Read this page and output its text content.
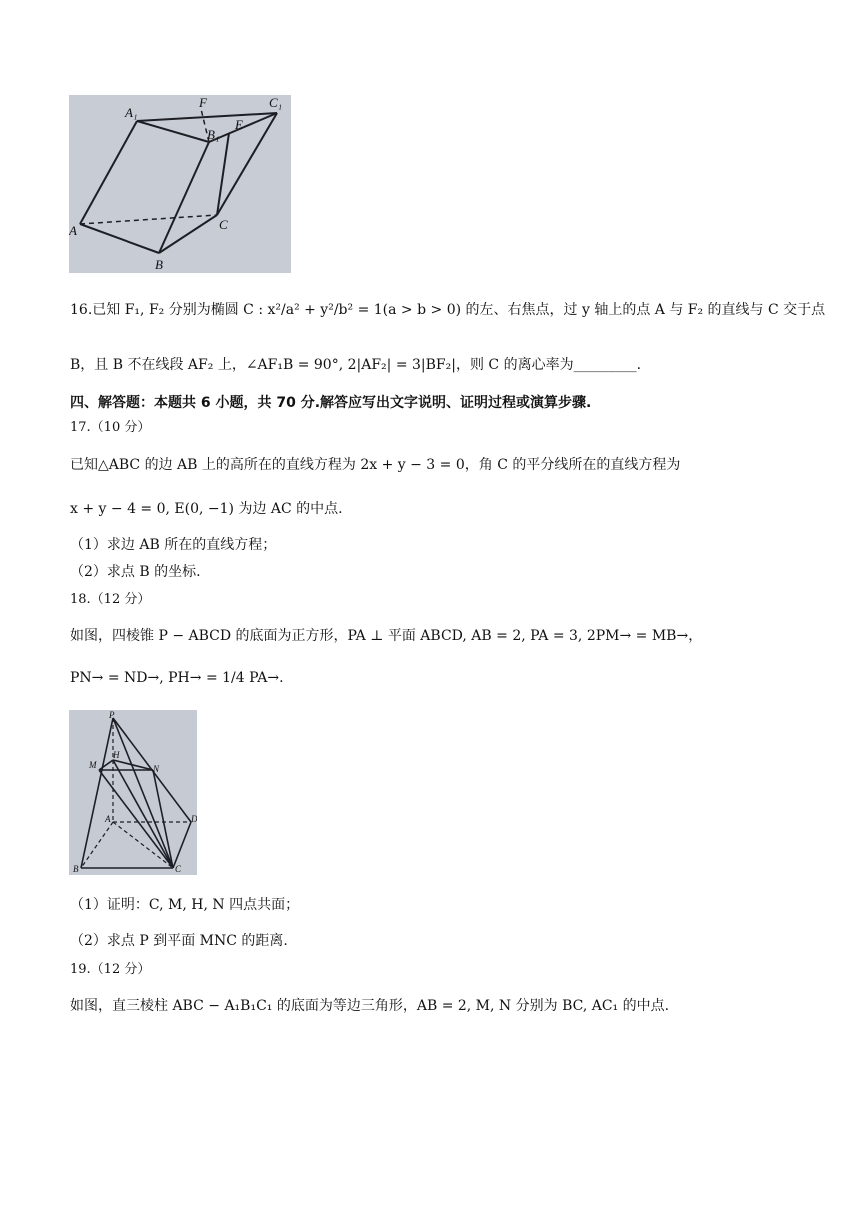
A₁
F	C₁
B₁
E
A	C
B
16.已知 F₁, F₂ 分别为椭圆 C : x²/a² + y²/b² = 1(a > b > 0) 的左、右焦点，过 y 轴上的点 A 与 F₂ 的直线与 C 交于点
B，且 B 不在线段 AF₂ 上，∠AF₁B = 90°, 2|AF₂| = 3|BF₂|，则 C 的离心率为_________.
四、解答题：本题共 6 小题，共 70 分.解答应写出文字说明、证明过程或演算步骤.
17.（10 分）
已知△ABC 的边 AB 上的高所在的直线方程为 2x + y − 3 = 0，角 C 的平分线所在的直线方程为
x + y − 4 = 0, E(0, −1) 为边 AC 的中点.
（1）求边 AB 所在的直线方程；
（2）求点 B 的坐标.
18.（12 分）
如图，四棱锥 P − ABCD 的底面为正方形，PA ⊥ 平面 ABCD, AB = 2, PA = 3, 2PM→ = MB→，
PN→ = ND→, PH→ = 1/4 PA→.
P
M
H
N
A	D
B	C
（1）证明：C, M, H, N 四点共面；
（2）求点 P 到平面 MNC 的距离.
19.（12 分）
如图，直三棱柱 ABC − A₁B₁C₁ 的底面为等边三角形，AB = 2, M, N 分别为 BC, AC₁ 的中点.
